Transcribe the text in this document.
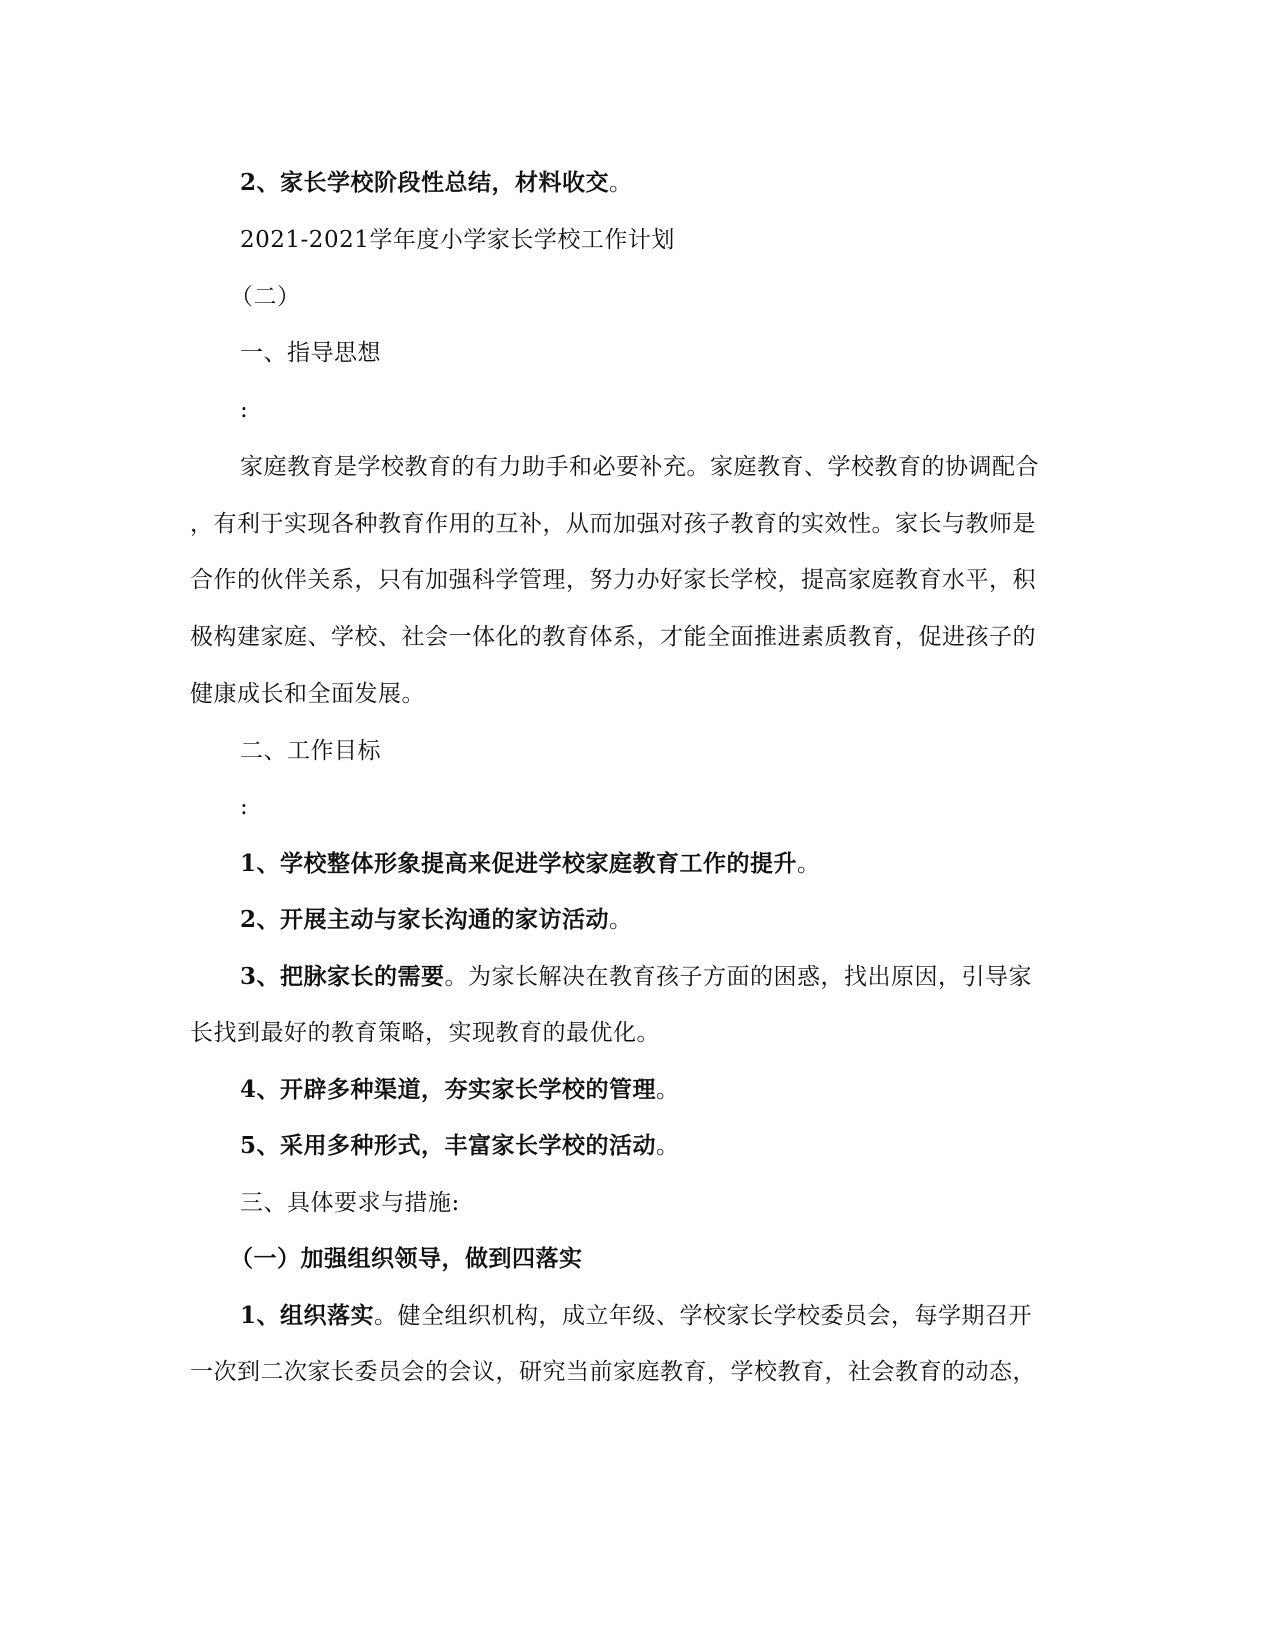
2、家长学校阶段性总结，材料收交。
2021-2021学年度小学家长学校工作计划
（二）
一、指导思想
:
家庭教育是学校教育的有力助手和必要补充。家庭教育、学校教育的协调配合
，有利于实现各种教育作用的互补，从而加强对孩子教育的实效性。家长与教师是
合作的伙伴关系，只有加强科学管理，努力办好家长学校，提高家庭教育水平，积
极构建家庭、学校、社会一体化的教育体系，才能全面推进素质教育，促进孩子的
健康成长和全面发展。
二、工作目标
:
1、学校整体形象提高来促进学校家庭教育工作的提升。
2、开展主动与家长沟通的家访活动。
3、把脉家长的需要。为家长解决在教育孩子方面的困惑，找出原因，引导家
长找到最好的教育策略，实现教育的最优化。
4、开辟多种渠道，夯实家长学校的管理。
5、采用多种形式，丰富家长学校的活动。
三、具体要求与措施:
（一）加强组织领导，做到四落实
1、组织落实。健全组织机构，成立年级、学校家长学校委员会，每学期召开
一次到二次家长委员会的会议，研究当前家庭教育，学校教育，社会教育的动态，
